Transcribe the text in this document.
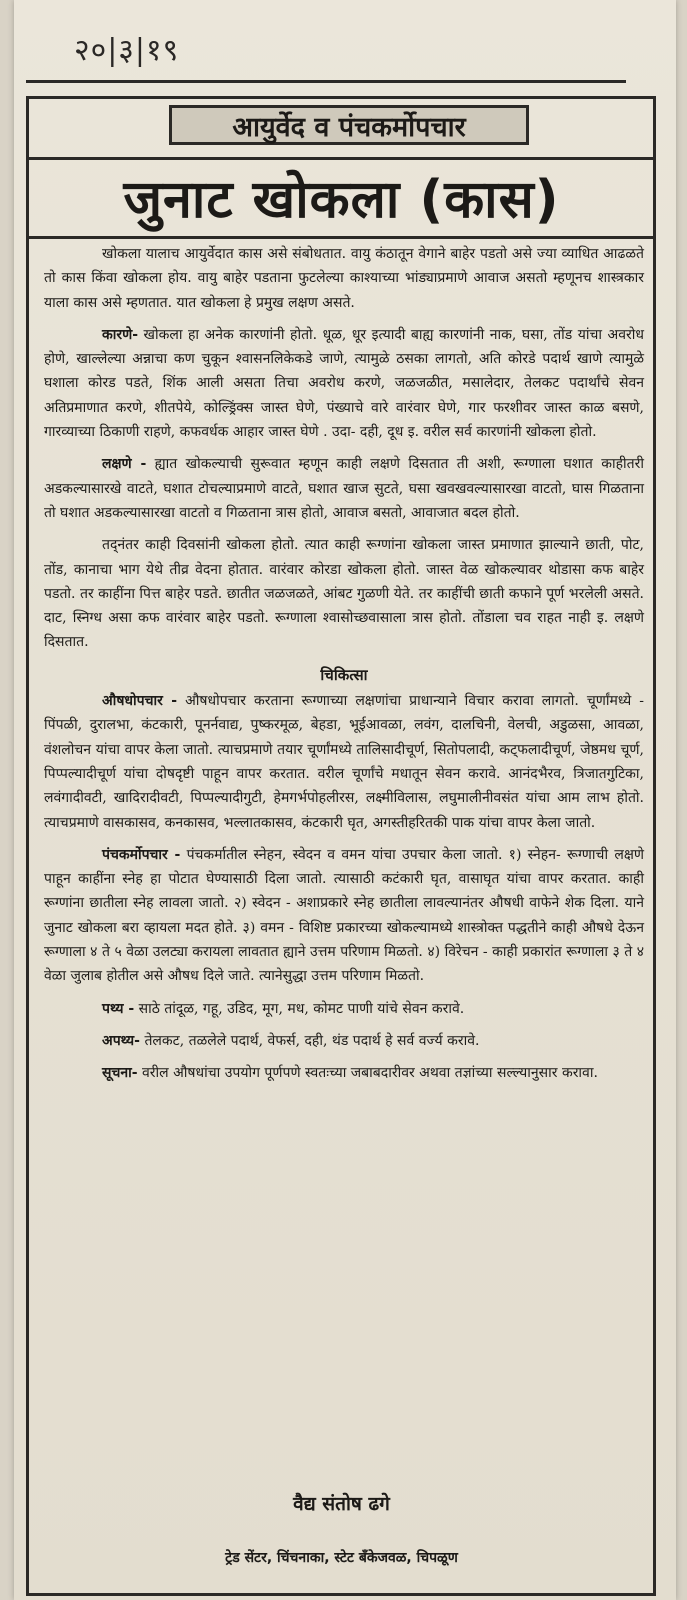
२०|३|१९
आयुर्वेद व पंचकर्मोपचार
जुनाट खोकला (कास)

खोकला यालाच आयुर्वेदात कास असे संबोधतात. वायु कंठातून वेगाने बाहेर पडतो असे ज्या व्याधित आढळते तो कास किंवा खोकला होय. वायु बाहेर पडताना फुटलेल्या काश्याच्या भांड्याप्रमाणे आवाज असतो म्हणूनच शास्त्रकार याला कास असे म्हणतात. यात खोकला हे प्रमुख लक्षण असते.

कारणे- खोकला हा अनेक कारणांनी होतो. धूळ, धूर इत्यादी बाह्य कारणांनी नाक, घसा, तोंड यांचा अवरोध होणे, खाल्लेल्या अन्नाचा कण चुकून श्वासनलिकेकडे जाणे, त्यामुळे ठसका लागतो, अति कोरडे पदार्थ खाणे त्यामुळे घशाला कोरड पडते, शिंक आली असता तिचा अवरोध करणे, जळजळीत, मसालेदार, तेलकट पदार्थांचे सेवन अतिप्रमाणात करणे, शीतपेये, कोल्ड्रिंक्स जास्त घेणे, पंख्याचे वारे वारंवार घेणे, गार फरशीवर जास्त काळ बसणे, गारव्याच्या ठिकाणी राहणे, कफवर्धक आहार जास्त घेणे . उदा- दही, दूध इ. वरील सर्व कारणांनी खोकला होतो.

लक्षणे - ह्यात खोकल्याची सुरूवात म्हणून काही लक्षणे दिसतात ती अशी, रूग्णाला घशात काहीतरी अडकल्यासारखे वाटते, घशात टोचल्याप्रमाणे वाटते, घशात खाज सुटते, घसा खवखवल्यासारखा वाटतो, घास गिळताना तो घशात अडकल्यासारखा वाटतो व गिळताना त्रास होतो, आवाज बसतो, आवाजात बदल होतो.

तद्नंतर काही दिवसांनी खोकला होतो. त्यात काही रूग्णांना खोकला जास्त प्रमाणात झाल्याने छाती, पोट, तोंड, कानाचा भाग येथे तीव्र वेदना होतात. वारंवार कोरडा खोकला होतो. जास्त वेळ खोकल्यावर थोडासा कफ बाहेर पडतो. तर काहींना पित्त बाहेर पडते. छातीत जळजळते, आंबट गुळणी येते. तर काहींची छाती कफाने पूर्ण भरलेली असते. दाट, स्निग्ध असा कफ वारंवार बाहेर पडतो. रूग्णाला श्वासोच्छवासाला त्रास होतो. तोंडाला चव राहत नाही इ. लक्षणे दिसतात.

चिकित्सा

औषधोपचार - औषधोपचार करताना रूग्णाच्या लक्षणांचा प्राधान्याने विचार करावा लागतो. चूर्णांमध्ये - पिंपळी, दुरालभा, कंटकारी, पूनर्नवाद्य, पुष्करमूळ, बेहडा, भूईआवळा, लवंग, दालचिनी, वेलची, अडुळसा, आवळा, वंशलोचन यांचा वापर केला जातो. त्याचप्रमाणे तयार चूर्णांमध्ये तालिसादीचूर्ण, सितोपलादी, कट्फलादीचूर्ण, जेष्ठमध चूर्ण, पिप्पल्यादीचूर्ण यांचा दोषदृष्टी पाहून वापर करतात. वरील चूर्णांचे मधातून सेवन करावे. आनंदभैरव, त्रिजातगुटिका, लवंगादीवटी, खादिरादीवटी, पिप्पल्यादीगुटी, हेमगर्भपोहलीरस, लक्ष्मीविलास, लघुमालीनीवसंत यांचा आम लाभ होतो. त्याचप्रमाणे वासकासव, कनकासव, भल्लातकासव, कंटकारी घृत, अगस्तीहरितकी पाक यांचा वापर केला जातो.

पंचकर्मोपचार - पंचकर्मातील स्नेहन, स्वेदन व वमन यांचा उपचार केला जातो. १) स्नेहन- रूग्णाची लक्षणे पाहून काहींना स्नेह हा पोटात घेण्यासाठी दिला जातो. त्यासाठी कटंकारी घृत, वासाघृत यांचा वापर करतात. काही रूग्णांना छातीला स्नेह लावला जातो. २) स्वेदन - अशाप्रकारे स्नेह छातीला लावल्यानंतर औषधी वाफेने शेक दिला. याने जुनाट खोकला बरा व्हायला मदत होते. ३) वमन - विशिष्ट प्रकारच्या खोकल्यामध्ये शास्त्रोक्त पद्धतीने काही औषधे देऊन रूग्णाला ४ ते ५ वेळा उलट्या करायला लावतात ह्याने उत्तम परिणाम मिळतो. ४) विरेचन - काही प्रकारांत रूग्णाला ३ ते ४ वेळा जुलाब होतील असे औषध दिले जाते. त्यानेसुद्धा उत्तम परिणाम मिळतो.

पथ्य - साठे तांदूळ, गहू, उडिद, मूग, मध, कोमट पाणी यांचे सेवन करावे.

अपथ्य- तेलकट, तळलेले पदार्थ, वेफर्स, दही, थंड पदार्थ हे सर्व वर्ज्य करावे.

सूचना- वरील औषधांचा उपयोग पूर्णपणे स्वतःच्या जबाबदारीवर अथवा तज्ञांच्या सल्ल्यानुसार करावा.

वैद्य संतोष ढगे
ट्रेड सेंटर, चिंचनाका, स्टेट बँकेजवळ, चिपळूण
